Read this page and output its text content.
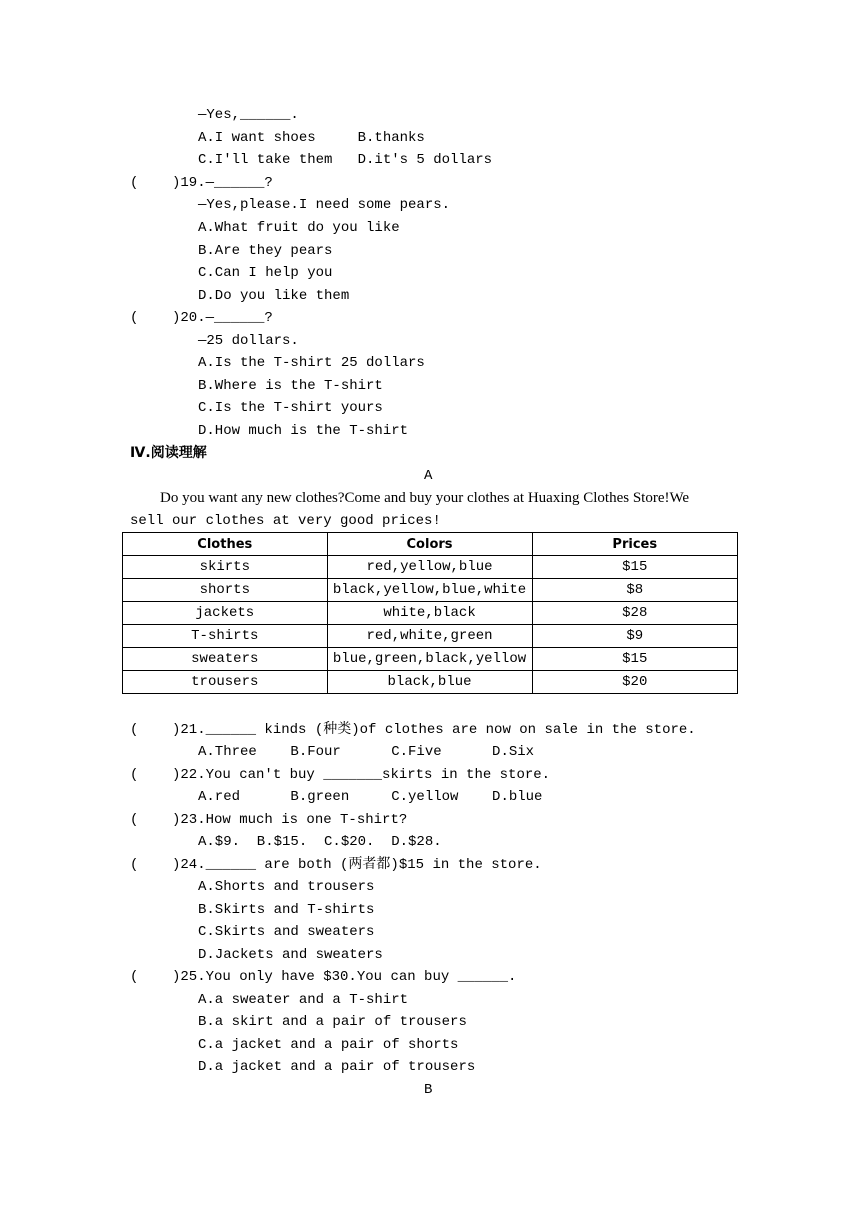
—Yes,______.
A.I want shoes     B.thanks
C.I'll take them   D.it's 5 dollars
(    )19.—______?
—Yes,please.I need some pears.
A.What fruit do you like
B.Are they pears
C.Can I help you
D.Do you like them
(    )20.—______?
—25 dollars.
A.Is the T-shirt 25 dollars
B.Where is the T-shirt
C.Is the T-shirt yours
D.How much is the T-shirt
Ⅳ.阅读理解
A
Do you want any new clothes?Come and buy your clothes at Huaxing Clothes Store!We
sell our clothes at very good prices!
Clothes	Colors	Prices
skirts	red,yellow,blue	$15
shorts	black,yellow,blue,white	$8
jackets	white,black	$28
T-shirts	red,white,green	$9
sweaters	blue,green,black,yellow	$15
trousers	black,blue	$20
(    )21.______ kinds (种类)of clothes are now on sale in the store.
A.Three    B.Four      C.Five      D.Six
(    )22.You can't buy _______skirts in the store.
A.red      B.green     C.yellow    D.blue
(    )23.How much is one T-shirt?
A.$9.  B.$15.  C.$20.  D.$28.
(    )24.______ are both (两者都)$15 in the store.
A.Shorts and trousers
B.Skirts and T-shirts
C.Skirts and sweaters
D.Jackets and sweaters
(    )25.You only have $30.You can buy ______.
A.a sweater and a T-shirt
B.a skirt and a pair of trousers
C.a jacket and a pair of shorts
D.a jacket and a pair of trousers
B
